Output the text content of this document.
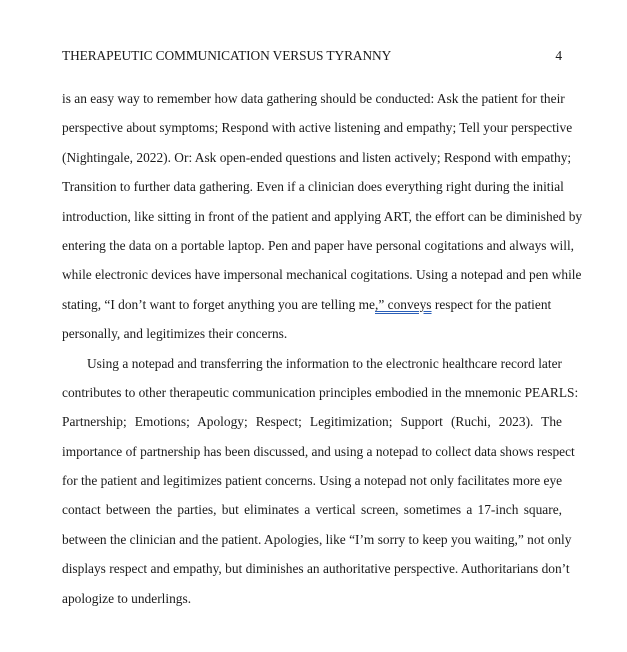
THERAPEUTIC COMMUNICATION VERSUS TYRANNY	4

is an easy way to remember how data gathering should be conducted: Ask the patient for their
perspective about symptoms; Respond with active listening and empathy; Tell your perspective
(Nightingale, 2022). Or: Ask open-ended questions and listen actively; Respond with empathy;
Transition to further data gathering. Even if a clinician does everything right during the initial
introduction, like sitting in front of the patient and applying ART, the effort can be diminished by
entering the data on a portable laptop. Pen and paper have personal cogitations and always will,
while electronic devices have impersonal mechanical cogitations. Using a notepad and pen while
stating, “I don’t want to forget anything you are telling me,” conveys respect for the patient
personally, and legitimizes their concerns.

Using a notepad and transferring the information to the electronic healthcare record later
contributes to other therapeutic communication principles embodied in the mnemonic PEARLS:
Partnership; Emotions; Apology; Respect; Legitimization; Support (Ruchi, 2023). The
importance of partnership has been discussed, and using a notepad to collect data shows respect
for the patient and legitimizes patient concerns. Using a notepad not only facilitates more eye
contact between the parties, but eliminates a vertical screen, sometimes a 17-inch square,
between the clinician and the patient. Apologies, like “I’m sorry to keep you waiting,” not only
displays respect and empathy, but diminishes an authoritative perspective. Authoritarians don’t
apologize to underlings.
